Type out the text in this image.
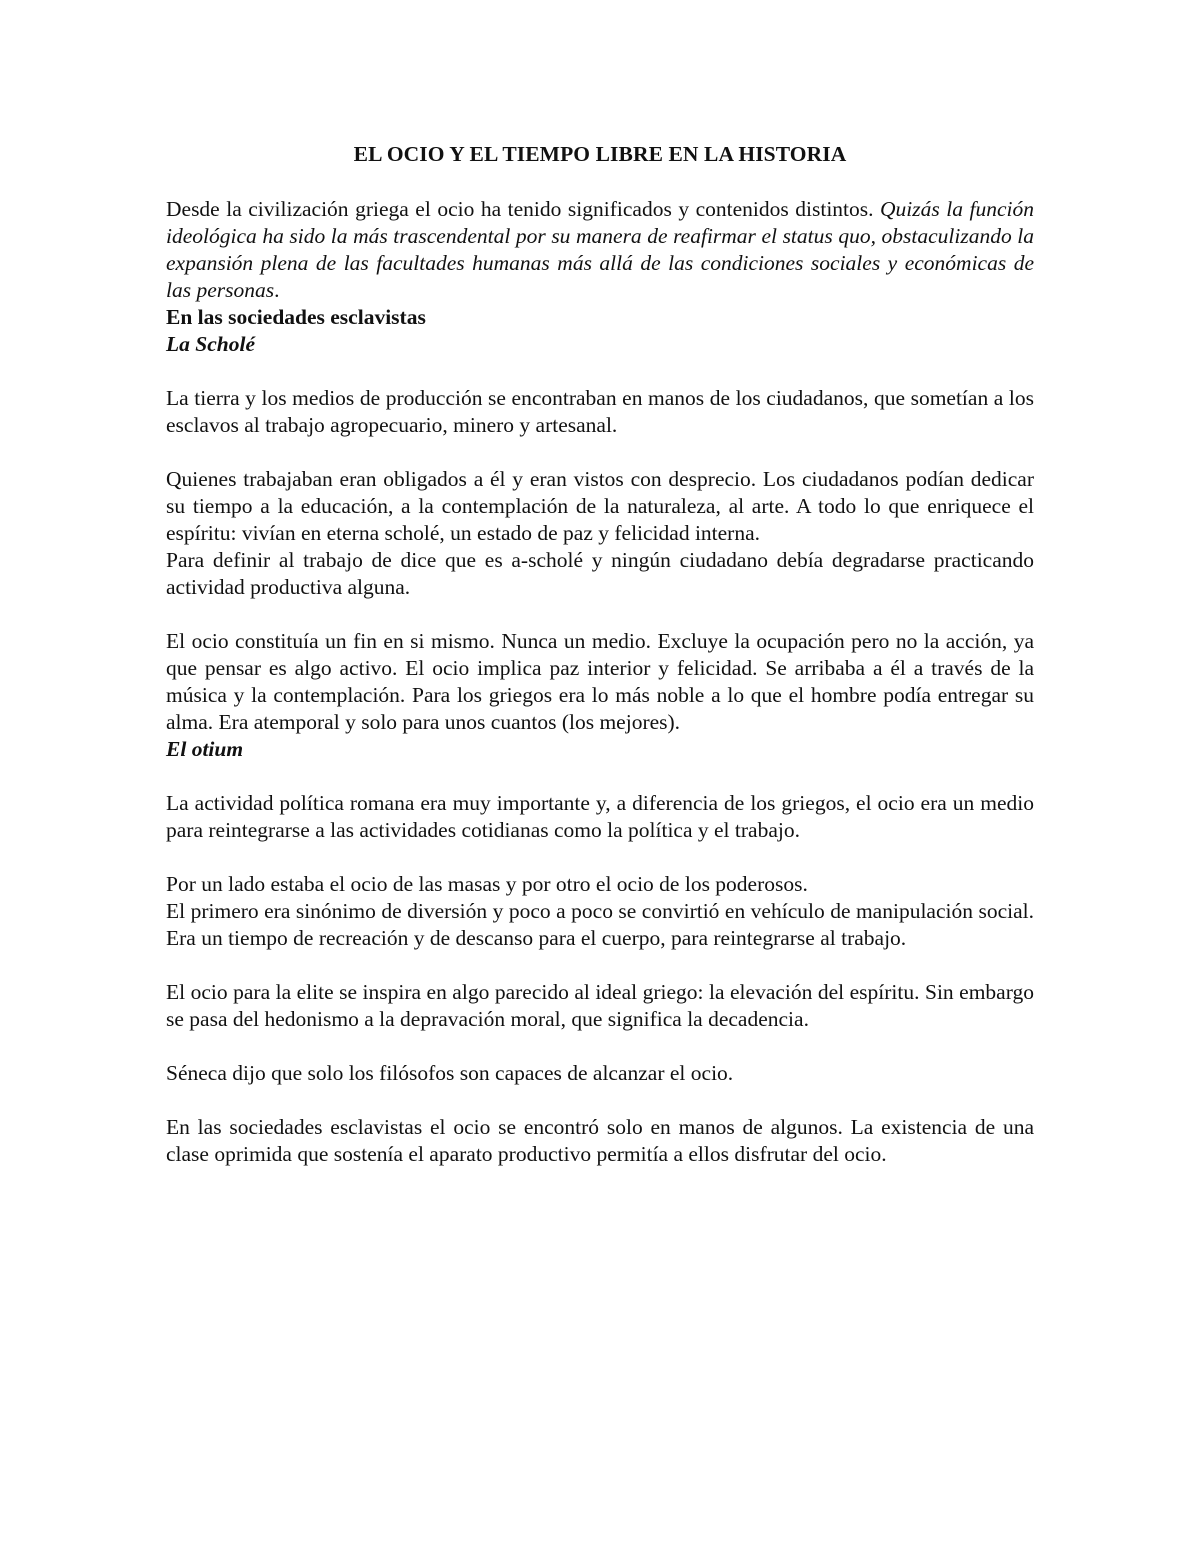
EL OCIO Y EL TIEMPO LIBRE EN LA HISTORIA

Desde la civilización griega el ocio ha tenido significados y contenidos distintos. Quizás la función ideológica ha sido la más trascendental por su manera de reafirmar el status quo, obstaculizando la expansión plena de las facultades humanas más allá de las condiciones sociales y económicas de las personas.

En las sociedades esclavistas

La Scholé

La tierra y los medios de producción se encontraban en manos de los ciudadanos, que sometían a los esclavos al trabajo agropecuario, minero y artesanal.

Quienes trabajaban eran obligados a él y eran vistos con desprecio. Los ciudadanos podían dedicar su tiempo a la educación, a la contemplación de la naturaleza, al arte. A todo lo que enriquece el espíritu: vivían en eterna scholé, un estado de paz y felicidad interna.

Para definir al trabajo de dice que es a-scholé y ningún ciudadano debía degradarse practicando actividad productiva alguna.

El ocio constituía un fin en si mismo. Nunca un medio. Excluye la ocupación pero no la acción, ya que pensar es algo activo. El ocio implica paz interior y felicidad. Se arribaba a él a través de la música y la contemplación. Para los griegos era lo más noble a lo que el hombre podía entregar su alma. Era atemporal y solo para unos cuantos (los mejores).

El otium

La actividad política romana era muy importante y, a diferencia de los griegos, el ocio era un medio para reintegrarse a las actividades cotidianas como la política y el trabajo.

Por un lado estaba el ocio de las masas y por otro el ocio de los poderosos.

El primero era sinónimo de diversión y poco a poco se convirtió en vehículo de manipulación social. Era un tiempo de recreación y de descanso para el cuerpo, para reintegrarse al trabajo.

El ocio para la elite se inspira en algo parecido al ideal griego: la elevación del espíritu. Sin embargo se pasa del hedonismo a la depravación moral, que significa la decadencia.

Séneca dijo que solo los filósofos son capaces de alcanzar el ocio.

En las sociedades esclavistas el ocio se encontró solo en manos de algunos. La existencia de una clase oprimida que sostenía el aparato productivo permitía a ellos disfrutar del ocio.
